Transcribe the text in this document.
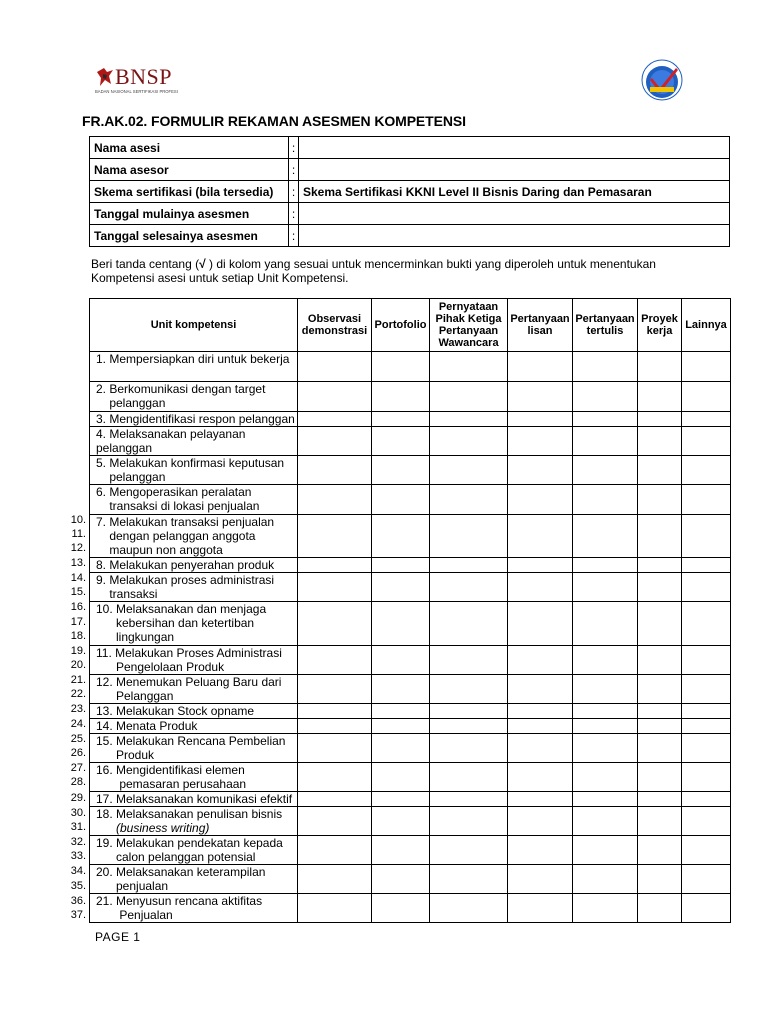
BNSP
BADAN NASIONAL SERTIFIKASI PROFESI
FR.AK.02. FORMULIR REKAMAN ASESMEN KOMPETENSI
Nama asesi	:	
Nama asesor	:	
Skema sertifikasi (bila tersedia)	:	Skema Sertifikasi KKNI Level II Bisnis Daring dan Pemasaran
Tanggal mulainya asesmen	:	
Tanggal selesainya asesmen	:	
Beri tanda centang (√ ) di kolom yang sesuai untuk mencerminkan bukti yang diperoleh untuk menentukan
Kompetensi asesi untuk setiap Unit Kompetensi.
10.
11.
12.
13.
14.
15.
16.
17.
18.
19.
20.
21.
22.
23.
24.
25.
26.
27.
28.
29.
30.
31.
32.
33.
34.
35.
36.
37.
Unit kompetensi	Observasi demonstrasi	Portofolio	Pernyataan Pihak Ketiga Pertanyaan Wawancara	Pertanyaan lisan	Pertanyaan tertulis	Proyek kerja	Lainnya
1. Mempersiapkan diri untuk bekerja							
2. Berkomunikasi dengan target
pelanggan							
3. Mengidentifikasi respon pelanggan							
4. Melaksanakan pelayanan
pelanggan							
5. Melakukan konfirmasi keputusan
pelanggan							
6. Mengoperasikan peralatan
transaksi di lokasi penjualan							
7. Melakukan transaksi penjualan
dengan pelanggan anggota
maupun non anggota							
8. Melakukan penyerahan produk							
9. Melakukan proses administrasi
transaksi							
10. Melaksanakan dan menjaga
kebersihan dan ketertiban
lingkungan							
11. Melakukan Proses Administrasi
Pengelolaan Produk							
12. Menemukan Peluang Baru dari
Pelanggan							
13. Melakukan Stock opname							
14. Menata Produk							
15. Melakukan Rencana Pembelian
Produk							
16. Mengidentifikasi elemen
pemasaran perusahaan							
17. Melaksanakan komunikasi efektif							
18. Melaksanakan penulisan bisnis
(business writing)							
19. Melakukan pendekatan kepada
calon pelanggan potensial							
20. Melaksanakan keterampilan
penjualan							
21. Menyusun rencana aktifitas
Penjualan							
PAGE 1
